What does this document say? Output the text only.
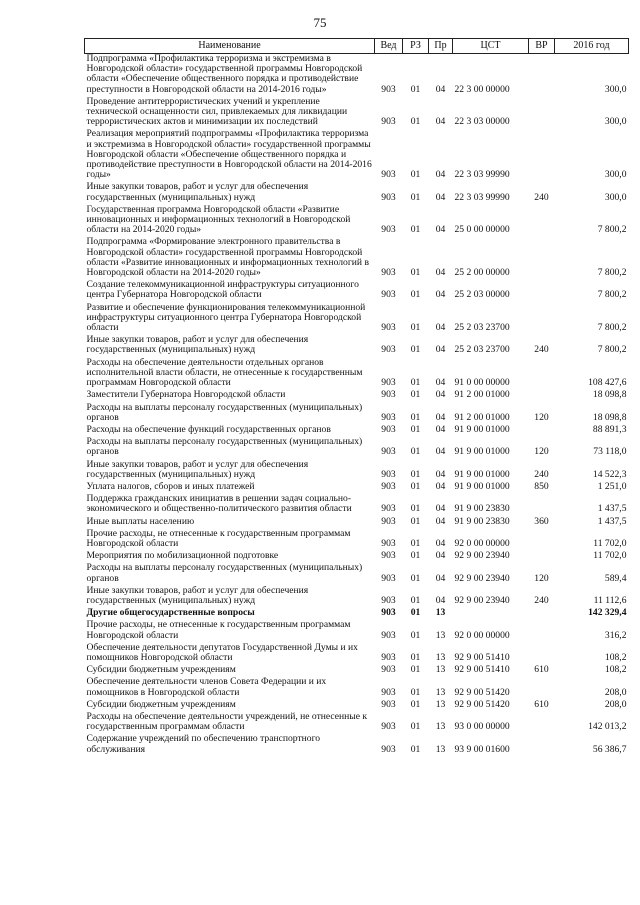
75
Наименование	Вед	РЗ	Пр	ЦСТ	ВР	2016 год
Подпрограмма «Профилактика терроризма и экстремизма в Новгородской области» государственной программы Новгородской области «Обеспечение общественного порядка и противодействие преступности в Новгородской области на 2014-2016 годы»	903	01	04	22 3 00 00000		300,0
Проведение антитеррористических учений и укрепление технической оснащенности сил, привлекаемых для ликвидации террористических актов и минимизации их последствий	903	01	04	22 3 03 00000		300,0
Реализация мероприятий подпрограммы «Профилактика терроризма и экстремизма в Новгородской области» государственной программы Новгородской области «Обеспечение общественного порядка и противодействие преступности в Новгородской области на 2014-2016 годы»	903	01	04	22 3 03 99990		300,0
Иные закупки товаров, работ и услуг для обеспечения государственных (муниципальных) нужд	903	01	04	22 3 03 99990	240	300,0
Государственная программа Новгородской области «Развитие инновационных и информационных технологий в Новгородской области на 2014-2020 годы»	903	01	04	25 0 00 00000		7 800,2
Подпрограмма «Формирование электронного правительства в Новгородской области» государственной программы Новгородской области «Развитие инновационных и информационных технологий в Новгородской области на 2014-2020 годы»	903	01	04	25 2 00 00000		7 800,2
Создание телекоммуникационной инфраструктуры ситуационного центра Губернатора Новгородской области	903	01	04	25 2 03 00000		7 800,2
Развитие и обеспечение функционирования телекоммуникационной инфраструктуры ситуационного центра Губернатора Новгородской области	903	01	04	25 2 03 23700		7 800,2
Иные закупки товаров, работ и услуг для обеспечения государственных (муниципальных) нужд	903	01	04	25 2 03 23700	240	7 800,2
Расходы на обеспечение деятельности отдельных органов исполнительной власти области, не отнесенные к государственным программам Новгородской области	903	01	04	91 0 00 00000		108 427,6
Заместители Губернатора Новгородской области	903	01	04	91 2 00 01000		18 098,8
Расходы на выплаты персоналу государственных (муниципальных) органов	903	01	04	91 2 00 01000	120	18 098,8
Расходы на обеспечение функций государственных органов	903	01	04	91 9 00 01000		88 891,3
Расходы на выплаты персоналу государственных (муниципальных) органов	903	01	04	91 9 00 01000	120	73 118,0
Иные закупки товаров, работ и услуг для обеспечения государственных (муниципальных) нужд	903	01	04	91 9 00 01000	240	14 522,3
Уплата налогов, сборов и иных платежей	903	01	04	91 9 00 01000	850	1 251,0
Поддержка гражданских инициатив в решении задач социально-экономического и общественно-политического развития области	903	01	04	91 9 00 23830		1 437,5
Иные выплаты населению	903	01	04	91 9 00 23830	360	1 437,5
Прочие расходы, не отнесенные к государственным программам Новгородской области	903	01	04	92 0 00 00000		11 702,0
Мероприятия по мобилизационной подготовке	903	01	04	92 9 00 23940		11 702,0
Расходы на выплаты персоналу государственных (муниципальных) органов	903	01	04	92 9 00 23940	120	589,4
Иные закупки товаров, работ и услуг для обеспечения государственных (муниципальных) нужд	903	01	04	92 9 00 23940	240	11 112,6
Другие общегосударственные вопросы	903	01	13			142 329,4
Прочие расходы, не отнесенные к государственным программам Новгородской области	903	01	13	92 0 00 00000		316,2
Обеспечение деятельности депутатов Государственной Думы и их помощников Новгородской области	903	01	13	92 9 00 51410		108,2
Субсидии бюджетным учреждениям	903	01	13	92 9 00 51410	610	108,2
Обеспечение деятельности членов Совета Федерации и их помощников в Новгородской области	903	01	13	92 9 00 51420		208,0
Субсидии бюджетным учреждениям	903	01	13	92 9 00 51420	610	208,0
Расходы на обеспечение деятельности учреждений, не отнесенные к государственным программам области	903	01	13	93 0 00 00000		142 013,2
Содержание учреждений по обеспечению транспортного обслуживания	903	01	13	93 9 00 01600		56 386,7
